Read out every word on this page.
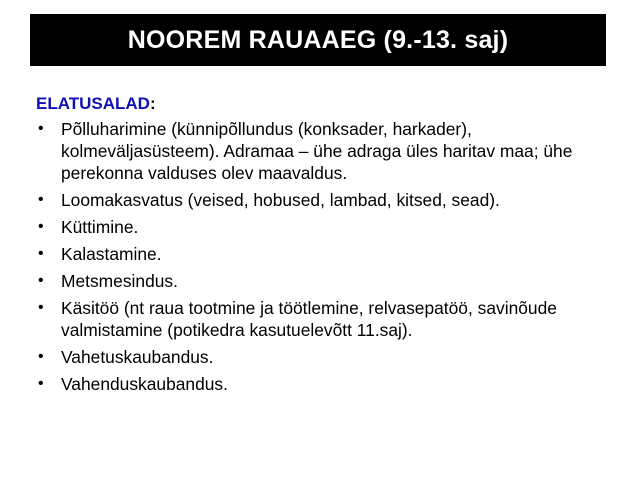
NOOREM RAUAAEG (9.-13. saj)
ELATUSALAD:
• Põlluharimine (künnipõllundus (konksader, harkader), kolmeväljasüsteem). Adramaa – ühe adraga üles haritav maa; ühe perekonna valduses olev maavaldus.
• Loomakasvatus (veised, hobused, lambad, kitsed, sead).
• Küttimine.
• Kalastamine.
• Metsmesindus.
• Käsitöö (nt raua tootmine ja töötlemine, relvasepatöö, savinõude valmistamine (potikedra kasutuelevõtt 11.saj).
• Vahetuskaubandus.
• Vahenduskaubandus.
